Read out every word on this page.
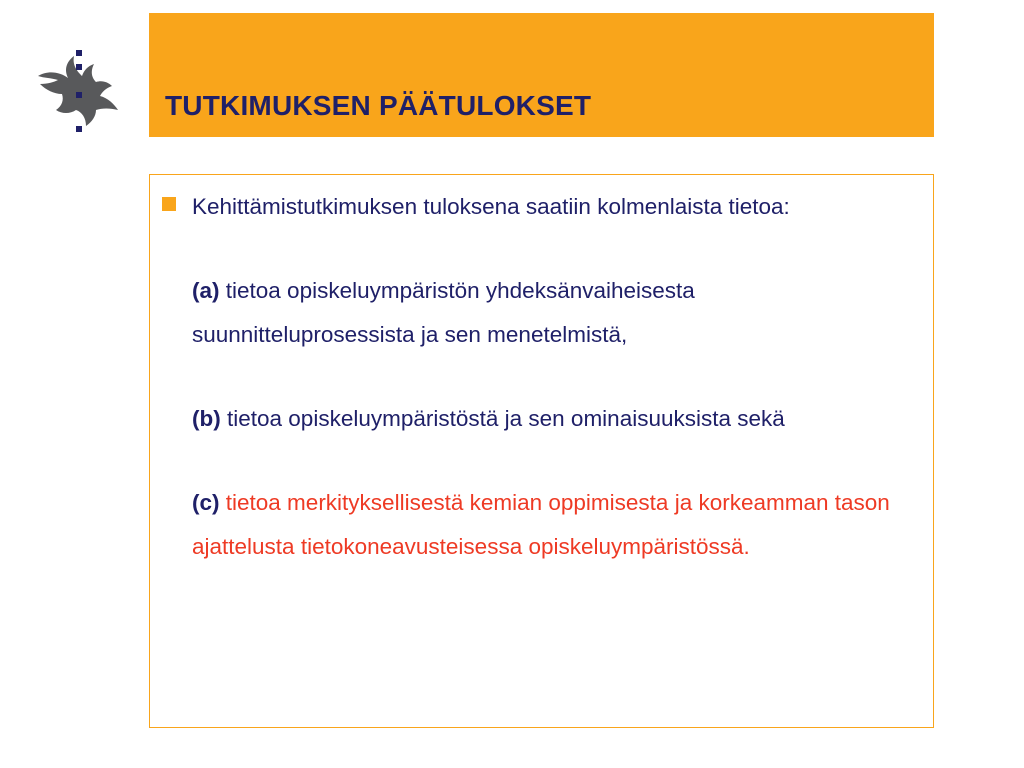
TUTKIMUKSEN PÄÄTULOKSET

Kehittämistutkimuksen tuloksena saatiin kolmenlaista tietoa:

(a) tietoa opiskeluympäristön yhdeksänvaiheisesta suunnitteluprosessista ja sen menetelmistä,

(b) tietoa opiskeluympäristöstä ja sen ominaisuuksista sekä

(c) tietoa merkityksellisestä kemian oppimisesta ja korkeamman tason ajattelusta tietokoneavusteisessa opiskeluympäristössä.
